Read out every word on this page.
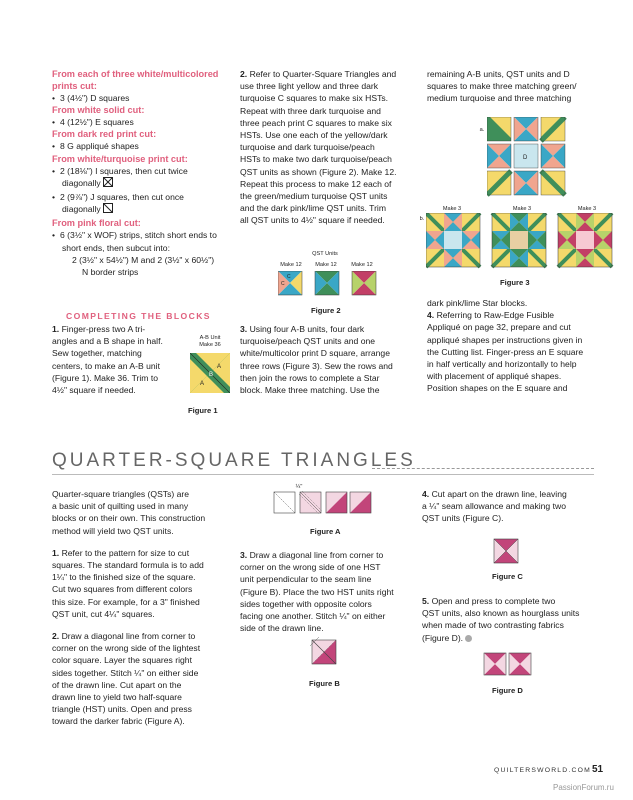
From each of three white/multicolored prints cut:
• 3 (4½") D squares
From white solid cut:
• 4 (12½") E squares
From dark red print cut:
• 8 G appliqué shapes
From white/turquoise print cut:
• 2 (18⅛") I squares, then cut twice
diagonally
• 2 (9⅞") J squares, then cut once
diagonally
From pink floral cut:
• 6 (3½" x WOF) strips, stitch short ends to
short ends, then subcut into:
2 (3½" x 54½") M and 2 (3½" x 60½")
N border strips
COMPLETING THE BLOCKS
1. Finger-press two A tri-
angles and a B shape in half.
Sew together, matching
centers, to make an A-B unit
(Figure 1). Make 36. Trim to
4½" square if needed.
A-B Unit
Make 36
A
A
B
Figure 1
2. Refer to Quarter-Square Triangles and
use three light yellow and three dark
turquoise C squares to make six HSTs.
Repeat with three dark turquoise and
three peach print C squares to make six
HSTs. Use one each of the yellow/dark
turquoise and dark turquoise/peach
HSTs to make two dark turquoise/peach
QST units as shown (Figure 2). Make 12.
Repeat this process to make 12 each of
the green/medium turquoise QST units
and the dark pink/lime QST units. Trim
all QST units to 4½" square if needed.
QST Units
Make 12	Make 12	Make 12
C
C
Figure 2
3. Using four A-B units, four dark
turquoise/peach QST units and one
white/multicolor print D square, arrange
three rows (Figure 3). Sew the rows and
then join the rows to complete a Star
block. Make three matching. Use the
remaining A-B units, QST units and D
squares to make three matching green/
medium turquoise and three matching
a.
D
b.
Make 3	Make 3	Make 3
Figure 3
dark pink/lime Star blocks.
4. Referring to Raw-Edge Fusible
Appliqué on page 32, prepare and cut
appliqué shapes per instructions given in
the Cutting list. Finger-press an E square
in half vertically and horizontally to help
with placement of appliqué shapes.
Position shapes on the E square and
QUARTER-SQUARE TRIANGLES
Quarter-square triangles (QSTs) are
a basic unit of quilting used in many
blocks or on their own. This construction
method will yield two QST units.
1. Refer to the pattern for size to cut
squares. The standard formula is to add
1¼" to the finished size of the square.
Cut two squares from different colors
this size. For example, for a 3" finished
QST unit, cut 4¼" squares.
2. Draw a diagonal line from corner to
corner on the wrong side of the lightest
color square. Layer the squares right
sides together. Stitch ¼" on either side
of the drawn line. Cut apart on the
drawn line to yield two half-square
triangle (HST) units. Open and press
toward the darker fabric (Figure A).
¼"
Figure A
3. Draw a diagonal line from corner to
corner on the wrong side of one HST
unit perpendicular to the seam line
(Figure B). Place the two HST units right
sides together with opposite colors
facing one another. Stitch ¼" on either
side of the drawn line.
Figure B
4. Cut apart on the drawn line, leaving
a ¼" seam allowance and making two
QST units (Figure C).
Figure C
5. Open and press to complete two
QST units, also known as hourglass units
when made of two contrasting fabrics
(Figure D).
Figure D
QUILTERSWORLD.COM 51
PassionForum.ru
